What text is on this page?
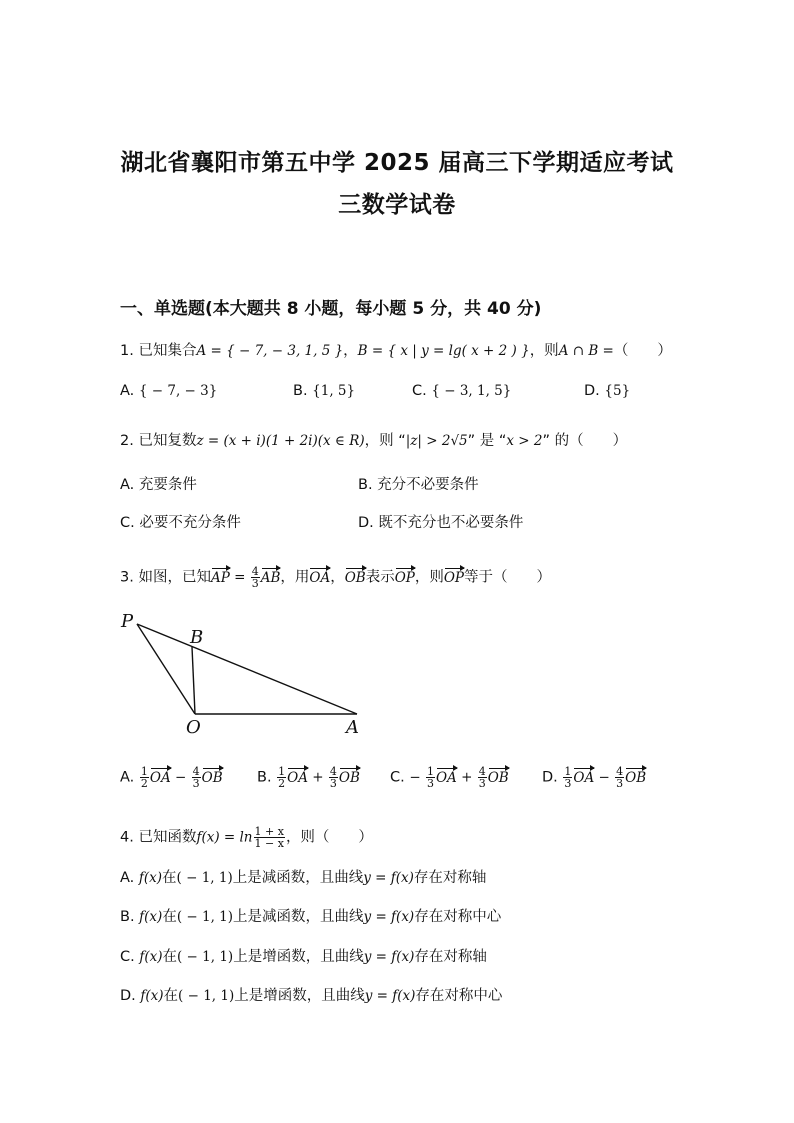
湖北省襄阳市第五中学 2025 届高三下学期适应考试
三数学试卷
一、单选题(本大题共 8 小题，每小题 5 分，共 40 分)
1. 已知集合A = { − 7, − 3, 1, 5 }，B = { x | y = lg( x + 2 ) }，则A ∩ B =（　　）
A. { − 7, − 3}	B. {1, 5}	C. { − 3, 1, 5}	D. {5}
2. 已知复数z = (x + i)(1 + 2i)(x ∈ R)，则 “|z| > 2√5” 是 “x > 2” 的（　　）
A. 充要条件	B. 充分不必要条件
C. 必要不充分条件	D. 既不充分也不必要条件
3. 如图，已知AP = $\frac{4}{3}$ AB，用OA，OB表示OP，则OP等于（　　）
P
B
O	A
A. $\frac{1}{2}$ OA − $\frac{4}{3}$ OB B. $\frac{1}{2}$ OA + $\frac{4}{3}$ OB C. − $\frac{1}{3}$ OA + $\frac{4}{3}$ OB D. $\frac{1}{3}$ OA − $\frac{4}{3}$ OB
4. 已知函数$f(x) = \ln \frac{1 + x}{1 - x}$ ，则（　　）
A. f(x)在( − 1, 1)上是减函数，且曲线y = f(x)存在对称轴
B. f(x)在( − 1, 1)上是减函数，且曲线y = f(x)存在对称中心
C. f(x)在( − 1, 1)上是增函数，且曲线y = f(x)存在对称轴
D. f(x)在( − 1, 1)上是增函数，且曲线y = f(x)存在对称中心
